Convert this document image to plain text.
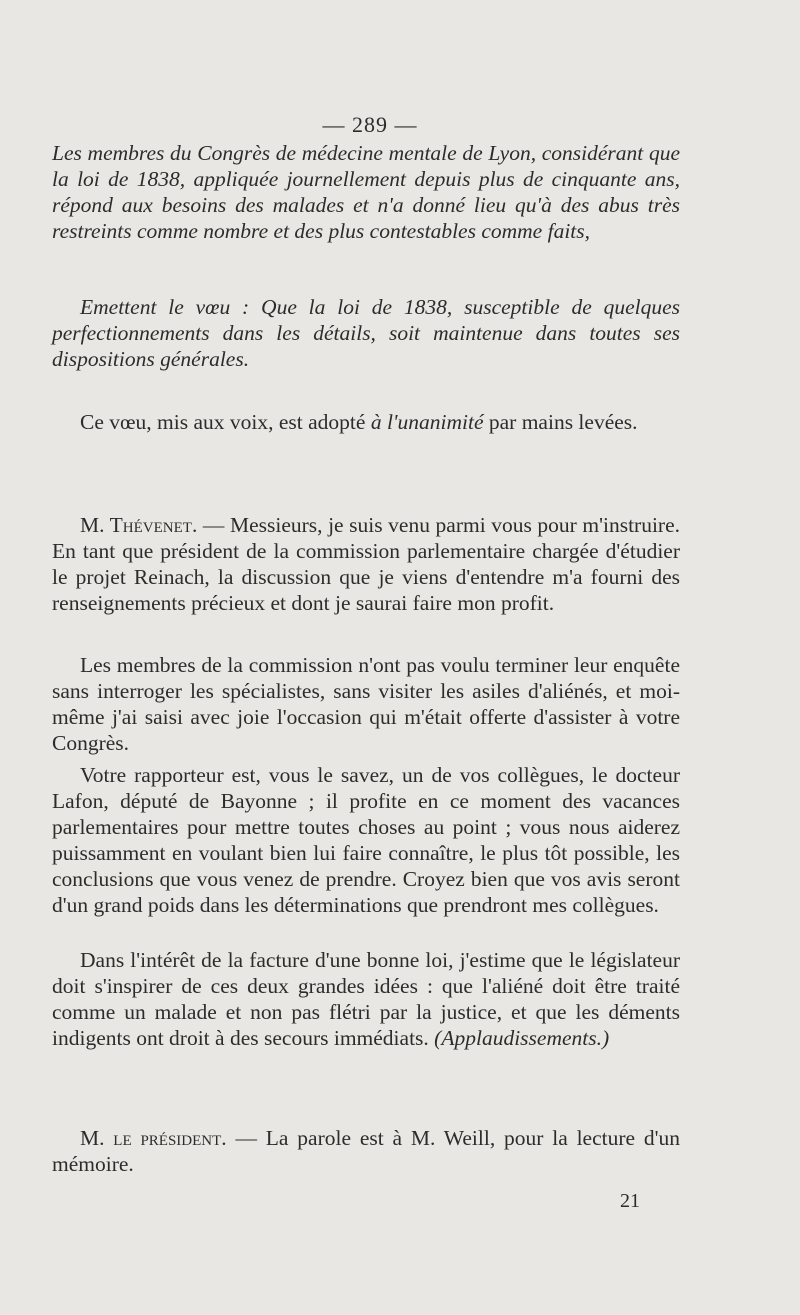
— 289 —

Les membres du Congrès de médecine mentale de Lyon, considérant que la loi de 1838, appliquée journellement depuis plus de cinquante ans, répond aux besoins des malades et n'a donné lieu qu'à des abus très restreints comme nombre et des plus contestables comme faits,

Emettent le vœu : Que la loi de 1838, susceptible de quelques perfectionnements dans les détails, soit maintenue dans toutes ses dispositions générales.

Ce vœu, mis aux voix, est adopté à l'unanimité par mains levées.

M. Thévenet. — Messieurs, je suis venu parmi vous pour m'instruire. En tant que président de la commission parlementaire chargée d'étudier le projet Reinach, la discussion que je viens d'entendre m'a fourni des renseignements précieux et dont je saurai faire mon profit.

Les membres de la commission n'ont pas voulu terminer leur enquête sans interroger les spécialistes, sans visiter les asiles d'aliénés, et moi-même j'ai saisi avec joie l'occasion qui m'était offerte d'assister à votre Congrès.

Votre rapporteur est, vous le savez, un de vos collègues, le docteur Lafon, député de Bayonne ; il profite en ce moment des vacances parlementaires pour mettre toutes choses au point ; vous nous aiderez puissamment en voulant bien lui faire connaître, le plus tôt possible, les conclusions que vous venez de prendre. Croyez bien que vos avis seront d'un grand poids dans les déterminations que prendront mes collègues.

Dans l'intérêt de la facture d'une bonne loi, j'estime que le législateur doit s'inspirer de ces deux grandes idées : que l'aliéné doit être traité comme un malade et non pas flétri par la justice, et que les déments indigents ont droit à des secours immédiats. (Applaudissements.)

M. le président. — La parole est à M. Weill, pour la lecture d'un mémoire.

21
